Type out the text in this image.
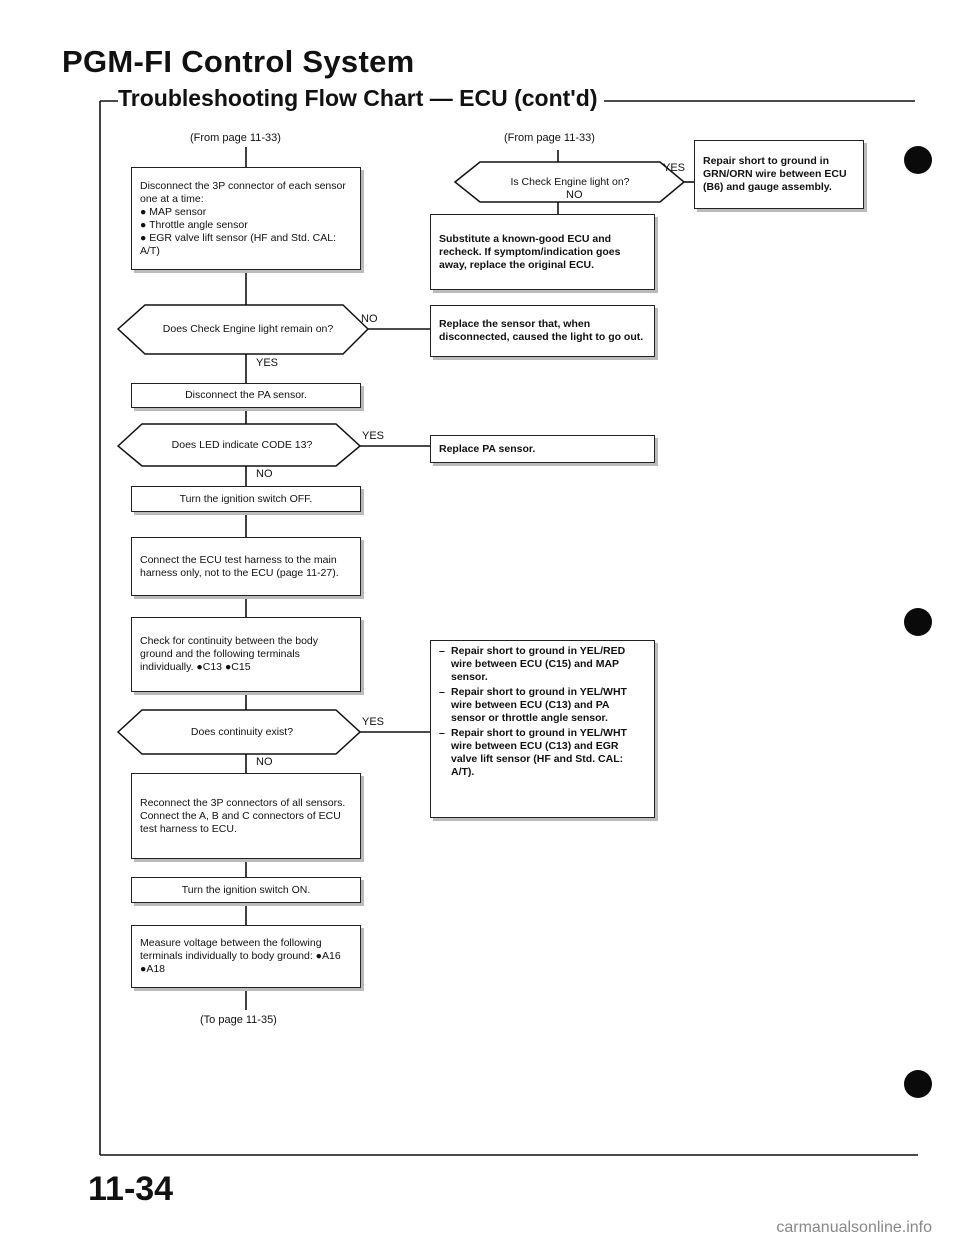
PGM-FI Control System
Troubleshooting Flow Chart — ECU (cont'd)
(From page 11-33)	(From page 11-33)
(To page 11-35)
Disconnect the 3P connector of each sensor one at a time:
● MAP sensor
● Throttle angle sensor
● EGR valve lift sensor (HF and Std. CAL: A/T)
Does Check Engine light remain on?
NO
YES
Disconnect the PA sensor.
Does LED indicate CODE 13?
YES
NO
Turn the ignition switch OFF.
Connect the ECU test harness to the main harness only, not to the ECU (page 11-27).
Check for continuity between the body ground and the following terminals individually. ●C13 ●C15
Does continuity exist?
YES
NO
Reconnect the 3P connectors of all sensors. Connect the A, B and C connectors of ECU test harness to ECU.
Turn the ignition switch ON.
Measure voltage between the following terminals individually to body ground: ●A16 ●A18
Is Check Engine light on?
YES
NO
Repair short to ground in GRN/ORN wire between ECU (B6) and gauge assembly.
Substitute a known-good ECU and recheck. If symptom/indication goes away, replace the original ECU.
Replace the sensor that, when disconnected, caused the light to go out.
Replace PA sensor.
– Repair short to ground in YEL/RED wire between ECU (C15) and MAP sensor.
– Repair short to ground in YEL/WHT wire between ECU (C13) and PA sensor or throttle angle sensor.
– Repair short to ground in YEL/WHT wire between ECU (C13) and EGR valve lift sensor (HF and Std. CAL: A/T).
11-34
carmanualsonline.info
